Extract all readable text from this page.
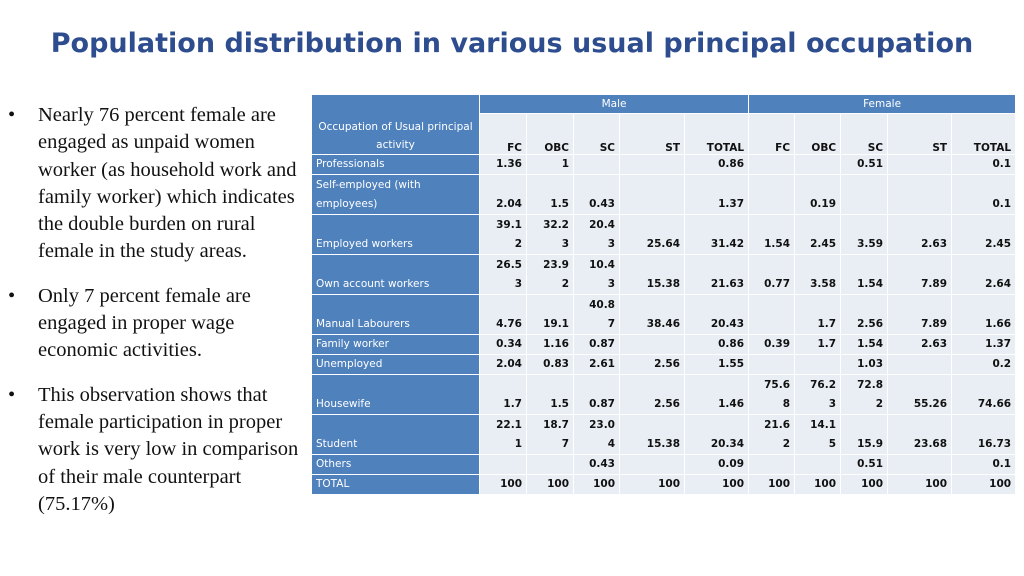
Population distribution in various usual principal occupation
• Nearly 76 percent female are engaged as unpaid women worker (as household work and family worker) which indicates the double burden on rural female in the study areas.
• Only 7 percent female are engaged in proper wage economic activities.
• This observation shows that female participation in proper work is very low in comparison of their male counterpart (75.17%)
Occupation of Usual principal activity	Male					Female				
	FC	OBC	SC	ST	TOTAL	FC	OBC	SC	ST	TOTAL
Professionals	1.36	1			0.86			0.51		0.1

Self-employed (with employees)	2.04	1.5	0.43		1.37		0.19			0.1

Employed workers	39.1
2	32.2
3	20.4
3	25.64	31.42	1.54	2.45	3.59	2.63	2.45

Own account workers	26.5
3	23.9
2	10.4
3	15.38	21.63	0.77	3.58	1.54	7.89	2.64

Manual Labourers	4.76	19.1	40.8
7	38.46	20.43		1.7	2.56	7.89	1.66

Family worker	0.34	1.16	0.87		0.86	0.39	1.7	1.54	2.63	1.37

Unemployed	2.04	0.83	2.61	2.56	1.55			1.03		0.2

Housewife	1.7	1.5	0.87	2.56	1.46	75.6
8	76.2
3	72.8
2	55.26	74.66

Student	22.1
1	18.7
7	23.0
4	15.38	20.34	21.6
2	14.1
5	15.9	23.68	16.73

Others			0.43		0.09			0.51		0.1

TOTAL	100	100	100	100	100	100	100	100	100	100
